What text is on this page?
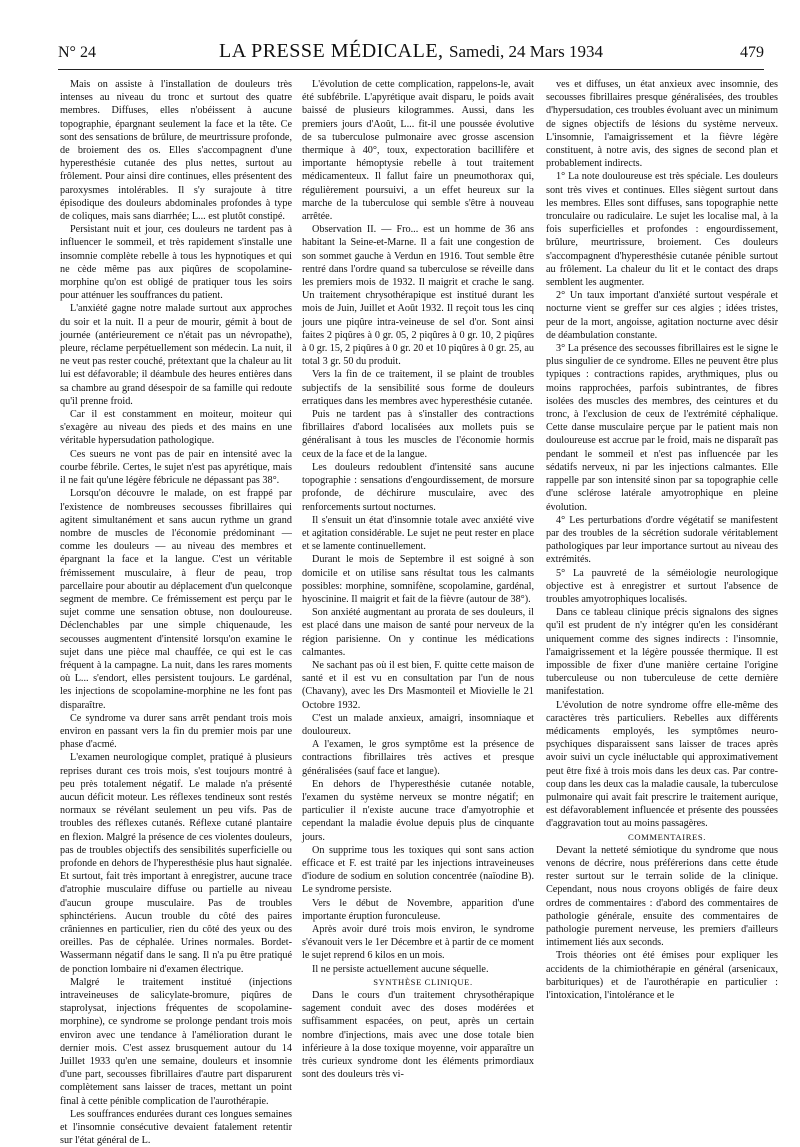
N° 24	LA PRESSE MÉDICALE, Samedi, 24 Mars 1934	479

Mais on assiste à l'installation de douleurs très intenses au niveau du tronc et surtout des quatre membres. Diffuses, elles n'obéissent à aucune topographie, épargnant seulement la face et la tête. Ce sont des sensations de brûlure, de meurtrissure profonde, de broiement des os. Elles s'accompagnent d'une hyperesthésie cutanée des plus nettes, surtout au frôlement. Pour ainsi dire continues, elles présentent des paroxysmes intolérables. Il s'y surajoute à titre épisodique des douleurs abdominales profondes à type de coliques, mais sans diarrhée; L... est plutôt constipé.

Persistant nuit et jour, ces douleurs ne tardent pas à influencer le sommeil, et très rapidement s'installe une insomnie complète rebelle à tous les hypnotiques et qui ne cède même pas aux piqûres de scopolamine-morphine qu'on est obligé de pratiquer tous les soirs pour atténuer les souffrances du patient.

L'anxiété gagne notre malade surtout aux approches du soir et la nuit. Il a peur de mourir, gémit à bout de journée (antérieurement ce n'était pas un névropathe), pleure, réclame perpétuellement son médecin. La nuit, il ne veut pas rester couché, prétextant que la chaleur au lit lui est défavorable; il déambule des heures entières dans sa chambre au grand désespoir de sa famille qui redoute qu'il prenne froid.

Car il est constamment en moiteur, moiteur qui s'exagère au niveau des pieds et des mains en une véritable hypersudation pathologique.

Ces sueurs ne vont pas de pair en intensité avec la courbe fébrile. Certes, le sujet n'est pas apyrétique, mais il ne fait qu'une légère fébricule ne dépassant pas 38°.

Lorsqu'on découvre le malade, on est frappé par l'existence de nombreuses secousses fibrillaires qui agitent simultanément et sans aucun rythme un grand nombre de muscles de l'économie prédominant — comme les douleurs — au niveau des membres et épargnant la face et la langue. C'est un véritable frémissement musculaire, à fleur de peau, trop parcellaire pour aboutir au déplacement d'un quelconque segment de membre. Ce frémissement est perçu par le sujet comme une sensation obtuse, non douloureuse. Déclenchables par une simple chiquenaude, les secousses augmentent d'intensité lorsqu'on examine le sujet dans une pièce mal chauffée, ce qui est le cas fréquent à la campagne. La nuit, dans les rares moments où L... s'endort, elles persistent toujours. Le gardénal, les injections de scopolamine-morphine ne les font pas disparaître.

Ce syndrome va durer sans arrêt pendant trois mois environ en passant vers la fin du premier mois par une phase d'acmé.

L'examen neurologique complet, pratiqué à plusieurs reprises durant ces trois mois, s'est toujours montré à peu près totalement négatif. Le malade n'a présenté aucun déficit moteur. Les réflexes tendineux sont restés normaux se révélant seulement un peu vifs. Pas de troubles des réflexes cutanés. Réflexe cutané plantaire en flexion. Malgré la présence de ces violentes douleurs, pas de troubles objectifs des sensibilités superficielle ou profonde en dehors de l'hyperesthésie plus haut signalée. Et surtout, fait très important à enregistrer, aucune trace d'atrophie musculaire diffuse ou partielle au niveau d'aucun groupe musculaire. Pas de troubles sphinctériens. Aucun trouble du côté des paires crâniennes en particulier, rien du côté des yeux ou des oreilles. Pas de céphalée. Urines normales. Bordet-Wassermann négatif dans le sang. Il n'a pu être pratiqué de ponction lombaire ni d'examen électrique.

Malgré le traitement institué (injections intraveineuses de salicylate-bromure, piqûres de staprolysat, injections fréquentes de scopolamine-morphine), ce syndrome se prolonge pendant trois mois environ avec une tendance à l'amélioration durant le dernier mois. C'est assez brusquement autour du 14 Juillet 1933 qu'en une semaine, douleurs et insomnie d'une part, secousses fibrillaires d'autre part disparurent complètement sans laisser de traces, mettant un point final à cette pénible complication de l'aurothérapie.

Les souffrances endurées durant ces longues semaines et l'insomnie consécutive devaient fatalement retentir sur l'état général de L.

L'évolution de cette complication, rappelons-le, avait été subfébrile. L'apyrétique avait disparu, le poids avait baissé de plusieurs kilogrammes. Aussi, dans les premiers jours d'Août, L... fit-il une poussée évolutive de sa tuberculose pulmonaire avec grosse ascension thermique à 40°, toux, expectoration bacillifère et importante hémoptysie rebelle à tout traitement médicamenteux. Il fallut faire un pneumothorax qui, régulièrement poursuivi, a un effet heureux sur la marche de la tuberculose qui semble s'être à nouveau arrêtée.

Observation II. — Fro... est un homme de 36 ans habitant la Seine-et-Marne. Il a fait une congestion de son sommet gauche à Verdun en 1916. Tout semble être rentré dans l'ordre quand sa tuberculose se réveille dans les premiers mois de 1932. Il maigrit et crache le sang. Un traitement chrysothérapique est institué durant les mois de Juin, Juillet et Août 1932. Il reçoit tous les cinq jours une piqûre intra-veineuse de sel d'or. Sont ainsi faites 2 piqûres à 0 gr. 05, 2 piqûres à 0 gr. 10, 2 piqûres à 0 gr. 15, 2 piqûres à 0 gr. 20 et 10 piqûres à 0 gr. 25, au total 3 gr. 50 du produit.

Vers la fin de ce traitement, il se plaint de troubles subjectifs de la sensibilité sous forme de douleurs erratiques dans les membres avec hyperesthésie cutanée.

Puis ne tardent pas à s'installer des contractions fibrillaires d'abord localisées aux mollets puis se généralisant à tous les muscles de l'économie hormis ceux de la face et de la langue.

Les douleurs redoublent d'intensité sans aucune topographie : sensations d'engourdissement, de morsure profonde, de déchirure musculaire, avec des renforcements surtout nocturnes.

Il s'ensuit un état d'insomnie totale avec anxiété vive et agitation considérable. Le sujet ne peut rester en place et se lamente continuellement.

Durant le mois de Septembre il est soigné à son domicile et on utilise sans résultat tous les calmants possibles: morphine, somnifène, scopolamine, gardénal, hyoscinine. Il maigrit et fait de la fièvre (autour de 38°).

Son anxiété augmentant au prorata de ses douleurs, il est placé dans une maison de santé pour nerveux de la région parisienne. On y continue les médications calmantes.

Ne sachant pas où il est bien, F. quitte cette maison de santé et il est vu en consultation par l'un de nous (Chavany), avec les Drs Masmonteil et Miovielle le 21 Octobre 1932.

C'est un malade anxieux, amaigri, insomniaque et douloureux.

A l'examen, le gros symptôme est la présence de contractions fibrillaires très actives et presque généralisées (sauf face et langue).

En dehors de l'hyperesthésie cutanée notable, l'examen du système nerveux se montre négatif; en particulier il n'existe aucune trace d'amyotrophie et cependant la maladie évolue depuis plus de cinquante jours.

On supprime tous les toxiques qui sont sans action efficace et F. est traité par les injections intraveineuses d'iodure de sodium en solution concentrée (naïodine B). Le syndrome persiste.

Vers le début de Novembre, apparition d'une importante éruption furonculeuse.

Après avoir duré trois mois environ, le syndrome s'évanouit vers le 1er Décembre et à partir de ce moment le sujet reprend 6 kilos en un mois.

Il ne persiste actuellement aucune séquelle.

SYNTHÈSE CLINIQUE.

Dans le cours d'un traitement chrysothérapique sagement conduit avec des doses modérées et suffisamment espacées, on peut, après un certain nombre d'injections, mais avec une dose totale bien inférieure à la dose toxique moyenne, voir apparaître un très curieux syndrome dont les éléments primordiaux sont des douleurs très vi-

ves et diffuses, un état anxieux avec insomnie, des secousses fibrillaires presque généralisées, des troubles d'hypersudation, ces troubles évoluant avec un minimum de signes objectifs de lésions du système nerveux. L'insomnie, l'amaigrissement et la fièvre légère constituent, à notre avis, des signes de second plan et probablement indirects.

1° La note douloureuse est très spéciale. Les douleurs sont très vives et continues. Elles siègent surtout dans les membres. Elles sont diffuses, sans topographie nette tronculaire ou radiculaire. Le sujet les localise mal, à la fois superficielles et profondes : engourdissement, brûlure, meurtrissure, broiement. Ces douleurs s'accompagnent d'hyperesthésie cutanée pénible surtout au frôlement. La chaleur du lit et le contact des draps semblent les augmenter.

2° Un taux important d'anxiété surtout vespérale et nocturne vient se greffer sur ces algies ; idées tristes, peur de la mort, angoisse, agitation nocturne avec désir de déambulation constante.

3° La présence des secousses fibrillaires est le signe le plus singulier de ce syndrome. Elles ne peuvent être plus typiques : contractions rapides, arythmiques, plus ou moins rapprochées, parfois subintrantes, de fibres isolées des muscles des membres, des ceintures et du tronc, à l'exclusion de ceux de l'extrémité céphalique. Cette danse musculaire perçue par le patient mais non douloureuse est accrue par le froid, mais ne disparaît pas pendant le sommeil et n'est pas influencée par les sédatifs nerveux, ni par les injections calmantes. Elle rappelle par son intensité sinon par sa topographie celle d'une sclérose latérale amyotrophique en pleine évolution.

4° Les perturbations d'ordre végétatif se manifestent par des troubles de la sécrétion sudorale véritablement pathologiques par leur importance surtout au niveau des extrémités.

5° La pauvreté de la séméiologie neurologique objective est à enregistrer et surtout l'absence de troubles amyotrophiques localisés.

Dans ce tableau clinique précis signalons des signes qu'il est prudent de n'y intégrer qu'en les considérant uniquement comme des signes indirects : l'insomnie, l'amaigrissement et la légère poussée thermique. Il est impossible de fixer d'une manière certaine l'origine tuberculeuse ou non tuberculeuse de cette dernière manifestation.

L'évolution de notre syndrome offre elle-même des caractères très particuliers. Rebelles aux différents médicaments employés, les symptômes neuro-psychiques disparaissent sans laisser de traces après avoir suivi un cycle inéluctable qui approximativement peut être fixé à trois mois dans les deux cas. Par contre-coup dans les deux cas la maladie causale, la tuberculose pulmonaire qui avait fait prescrire le traitement aurique, est défavorablement influencée et présente des poussées d'aggravation tout au moins passagères.

COMMENTAIRES.

Devant la netteté sémiotique du syndrome que nous venons de décrire, nous préférerions dans cette étude rester surtout sur le terrain solide de la clinique. Cependant, nous nous croyons obligés de faire deux ordres de commentaires : d'abord des commentaires de pathologie générale, ensuite des commentaires de pathologie purement nerveuse, les premiers d'ailleurs intimement liés aux seconds.

Trois théories ont été émises pour expliquer les accidents de la chimiothérapie en général (arsenicaux, barbituriques) et de l'aurothérapie en particulier : l'intoxication, l'intolérance et le
